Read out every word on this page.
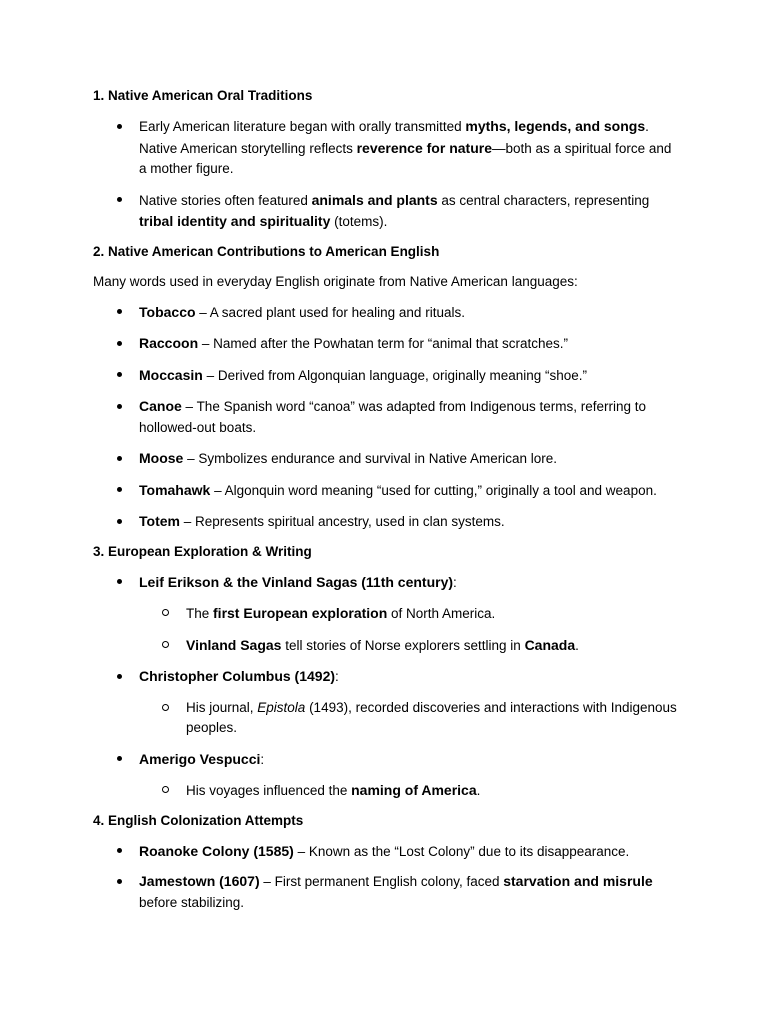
1. Native American Oral Traditions
Early American literature began with orally transmitted myths, legends, and songs. Native American storytelling reflects reverence for nature—both as a spiritual force and a mother figure.
Native stories often featured animals and plants as central characters, representing tribal identity and spirituality (totems).
2. Native American Contributions to American English

Many words used in everyday English originate from Native American languages:

Tobacco – A sacred plant used for healing and rituals.
Raccoon – Named after the Powhatan term for “animal that scratches.”
Moccasin – Derived from Algonquian language, originally meaning “shoe.”
Canoe – The Spanish word “canoa” was adapted from Indigenous terms, referring to hollowed-out boats.
Moose – Symbolizes endurance and survival in Native American lore.
Tomahawk – Algonquin word meaning “used for cutting,” originally a tool and weapon.
Totem – Represents spiritual ancestry, used in clan systems.
3. European Exploration & Writing
Leif Erikson & the Vinland Sagas (11th century):
The first European exploration of North America.
Vinland Sagas tell stories of Norse explorers settling in Canada.
Christopher Columbus (1492):
His journal, Epistola (1493), recorded discoveries and interactions with Indigenous peoples.
Amerigo Vespucci:
His voyages influenced the naming of America.
4. English Colonization Attempts
Roanoke Colony (1585) – Known as the “Lost Colony” due to its disappearance.
Jamestown (1607) – First permanent English colony, faced starvation and misrule before stabilizing.
